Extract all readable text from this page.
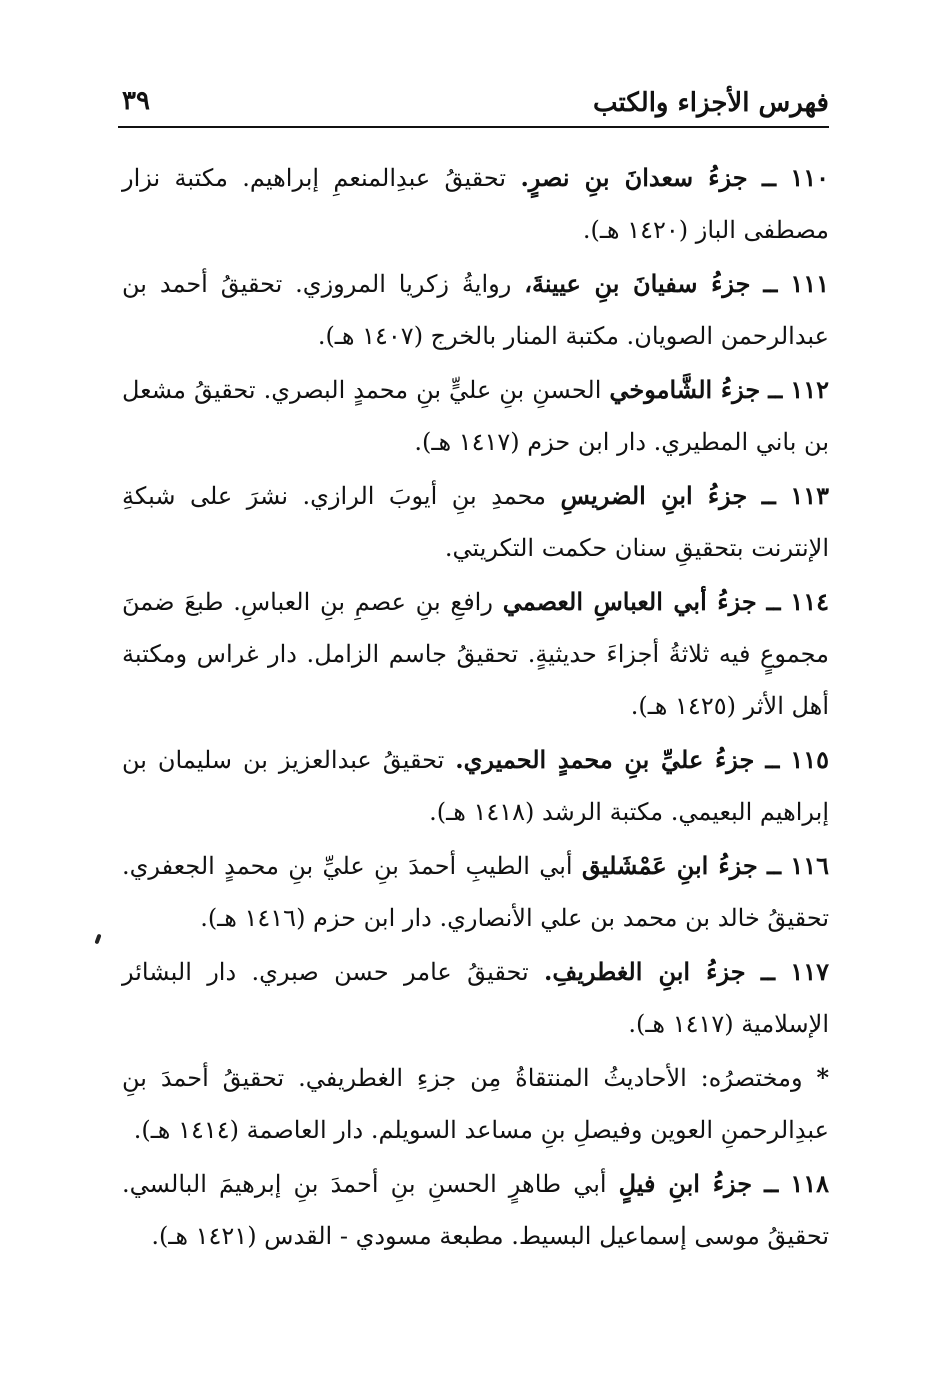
فهرس الأجزاء والكتب
٣٩

١١٠ ــ جزءُ سعدانَ بنِ نصرٍ. تحقيقُ عبدِالمنعمِ إبراهيم. مكتبة نزار مصطفى الباز (١٤٢٠ هـ).

١١١ ــ جزءُ سفيانَ بنِ عيينةَ، روايةُ زكريا المروزي. تحقيقُ أحمد بن عبدالرحمن الصويان. مكتبة المنار بالخرج (١٤٠٧ هـ).

١١٢ ــ جزءُ الشَّاموخي الحسنِ بنِ عليٍّ بنِ محمدٍ البصري. تحقيقُ مشعل بن باني المطيري. دار ابن حزم (١٤١٧ هـ).

١١٣ ــ جزءُ ابنِ الضريسِ محمدِ بنِ أيوبَ الرازي. نشرَ على شبكةِ الإنترنت بتحقيقِ سنان حكمت التكريتي.

١١٤ ــ جزءُ أبي العباسِ العصمي رافعِ بنِ عصمِ بنِ العباسِ. طبعَ ضمنَ مجموعٍ فيه ثلاثةُ أجزاءَ حديثيةٍ. تحقيقُ جاسم الزامل. دار غراس ومكتبة أهل الأثر (١٤٢٥ هـ).

١١٥ ــ جزءُ عليِّ بنِ محمدٍ الحميري. تحقيقُ عبدالعزيز بن سليمان بن إبراهيم البعيمي. مكتبة الرشد (١٤١٨ هـ).

١١٦ ــ جزءُ ابنِ عَمْشَليق أبي الطيبِ أحمدَ بنِ عليِّ بنِ محمدٍ الجعفري. تحقيقُ خالد بن محمد بن علي الأنصاري. دار ابن حزم (١٤١٦ هـ).

١١٧ ــ جزءُ ابنِ الغطريفِ. تحقيقُ عامر حسن صبري. دار البشائر الإسلامية (١٤١٧ هـ).

* ومختصرُه: الأحاديثُ المنتقاةُ مِن جزءِ الغطريفي. تحقيقُ أحمدَ بنِ عبدِالرحمنِ العوين وفيصلِ بنِ مساعد السويلم. دار العاصمة (١٤١٤ هـ).

١١٨ ــ جزءُ ابنِ فيلٍ أبي طاهرٍ الحسنِ بنِ أحمدَ بنِ إبرهيمَ البالسي. تحقيقُ موسى إسماعيل البسيط. مطبعة مسودي - القدس (١٤٢١ هـ).
